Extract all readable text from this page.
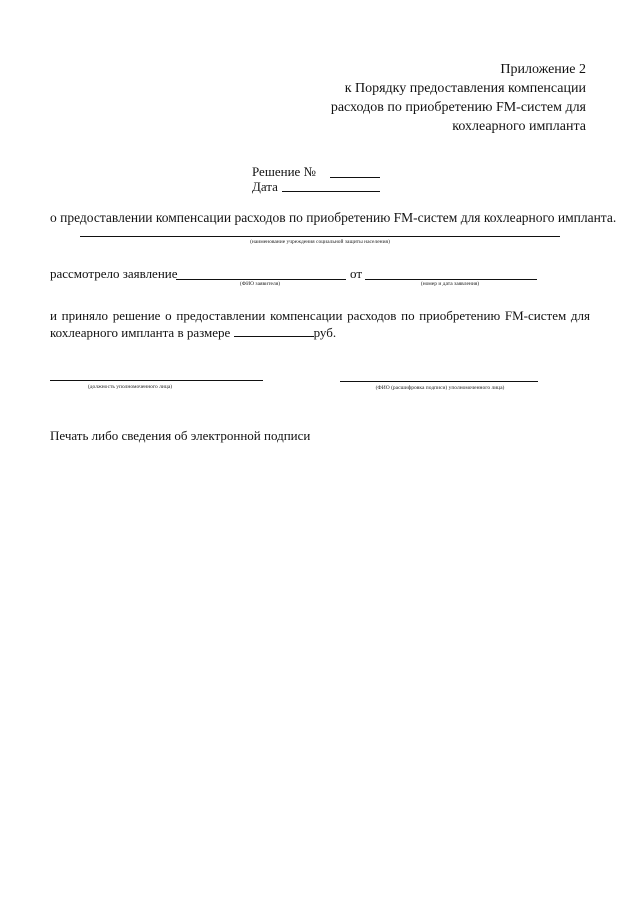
Приложение 2
к Порядку предоставления компенсации
расходов по приобретению FM-систем для
кохлеарного импланта
Решение №
Дата
о предоставлении компенсации расходов по приобретению FM-систем для кохлеарного импланта.
(наименование учреждения социальной защиты населения)
рассмотрело заявление	от
(ФИО заявителя)	(номер и дата заявления)
и приняло решение о предоставлении компенсации расходов по приобретению FM-систем для
кохлеарного импланта в размере	руб.
(должность уполномоченного лица)	(ФИО (расшифровка подписи) уполномоченного лица)
Печать либо сведения об электронной подписи
